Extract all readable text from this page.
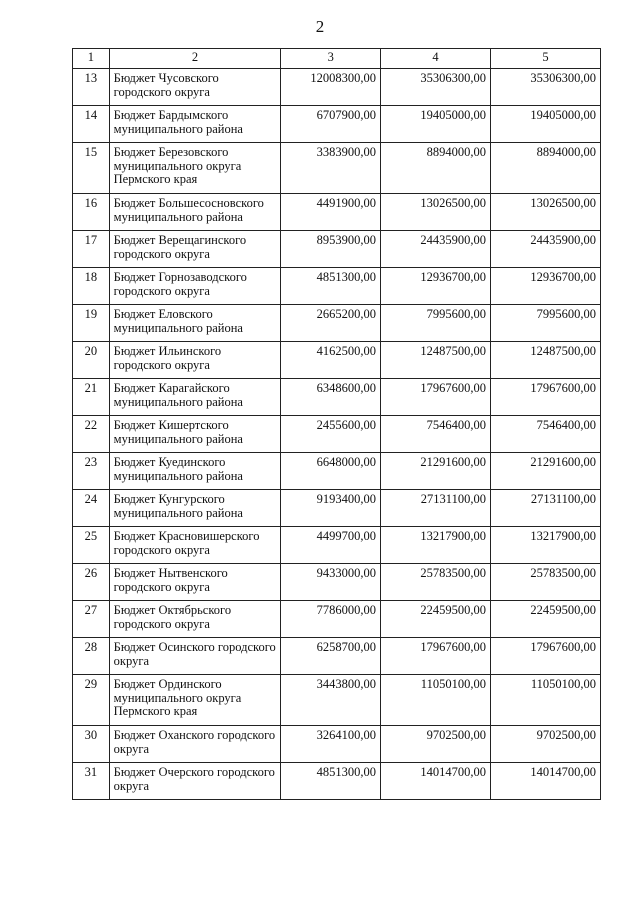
2
1	2	3	4	5
13	Бюджет Чусовского городского округа	12008300,00	35306300,00	35306300,00
14	Бюджет Бардымского муниципального района	6707900,00	19405000,00	19405000,00
15	Бюджет Березовского муниципального округа Пермского края	3383900,00	8894000,00	8894000,00
16	Бюджет Большесосновского муниципального района	4491900,00	13026500,00	13026500,00
17	Бюджет Верещагинского городского округа	8953900,00	24435900,00	24435900,00
18	Бюджет Горнозаводского городского округа	4851300,00	12936700,00	12936700,00
19	Бюджет Еловского муниципального района	2665200,00	7995600,00	7995600,00
20	Бюджет Ильинского городского округа	4162500,00	12487500,00	12487500,00
21	Бюджет Карагайского муниципального района	6348600,00	17967600,00	17967600,00
22	Бюджет Кишертского муниципального района	2455600,00	7546400,00	7546400,00
23	Бюджет Куединского муниципального района	6648000,00	21291600,00	21291600,00
24	Бюджет Кунгурского муниципального района	9193400,00	27131100,00	27131100,00
25	Бюджет Красновишерского городского округа	4499700,00	13217900,00	13217900,00
26	Бюджет Нытвенского городского округа	9433000,00	25783500,00	25783500,00
27	Бюджет Октябрьского городского округа	7786000,00	22459500,00	22459500,00
28	Бюджет Осинского городского округа	6258700,00	17967600,00	17967600,00
29	Бюджет Ординского муниципального округа Пермского края	3443800,00	11050100,00	11050100,00
30	Бюджет Оханского городского округа	3264100,00	9702500,00	9702500,00
31	Бюджет Очерского городского округа	4851300,00	14014700,00	14014700,00
